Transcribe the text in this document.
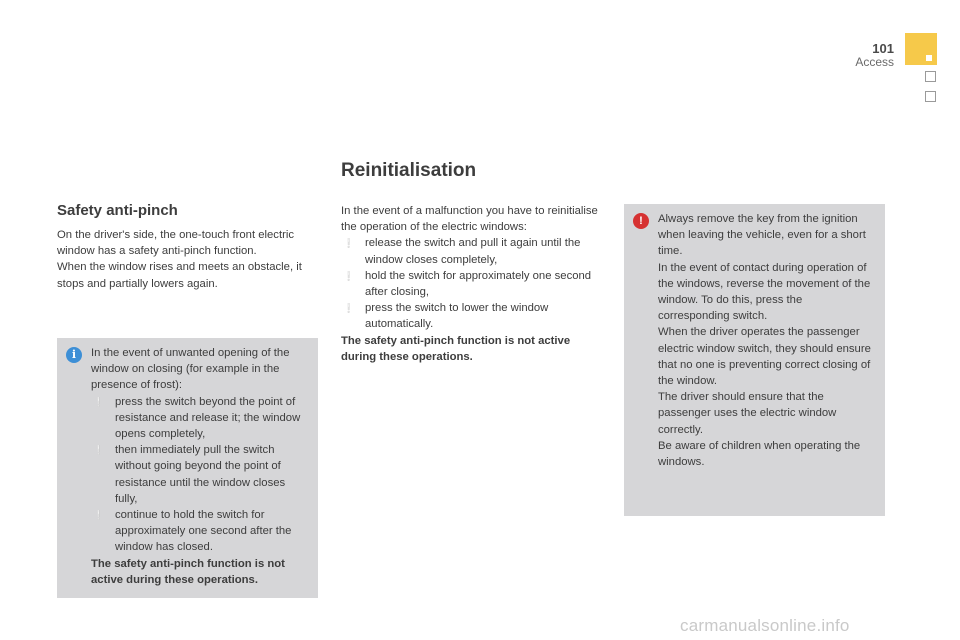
101
Access
Safety anti-pinch

On the driver's side, the one-touch front electric window has a safety anti-pinch function.
When the window rises and meets an obstacle, it stops and partially lowers again.

i	In the event of unwanted opening of the window on closing (for example in the presence of frost):
❕ press the switch beyond the point of resistance and release it; the window opens completely,
❕ then immediately pull the switch without going beyond the point of resistance until the window closes fully,
❕ continue to hold the switch for approximately one second after the window has closed.
The safety anti-pinch function is not active during these operations.
Reinitialisation
In the event of a malfunction you have to reinitialise the operation of the electric windows:
❕ release the switch and pull it again until the window closes completely,
❕ hold the switch for approximately one second after closing,
❕ press the switch to lower the window automatically.
The safety anti-pinch function is not active during these operations.
!	Always remove the key from the ignition when leaving the vehicle, even for a short time.
In the event of contact during operation of the windows, reverse the movement of the window. To do this, press the corresponding switch.
When the driver operates the passenger electric window switch, they should ensure that no one is preventing correct closing of the window.
The driver should ensure that the passenger uses the electric window correctly.
Be aware of children when operating the windows.
carmanualsonline.info
